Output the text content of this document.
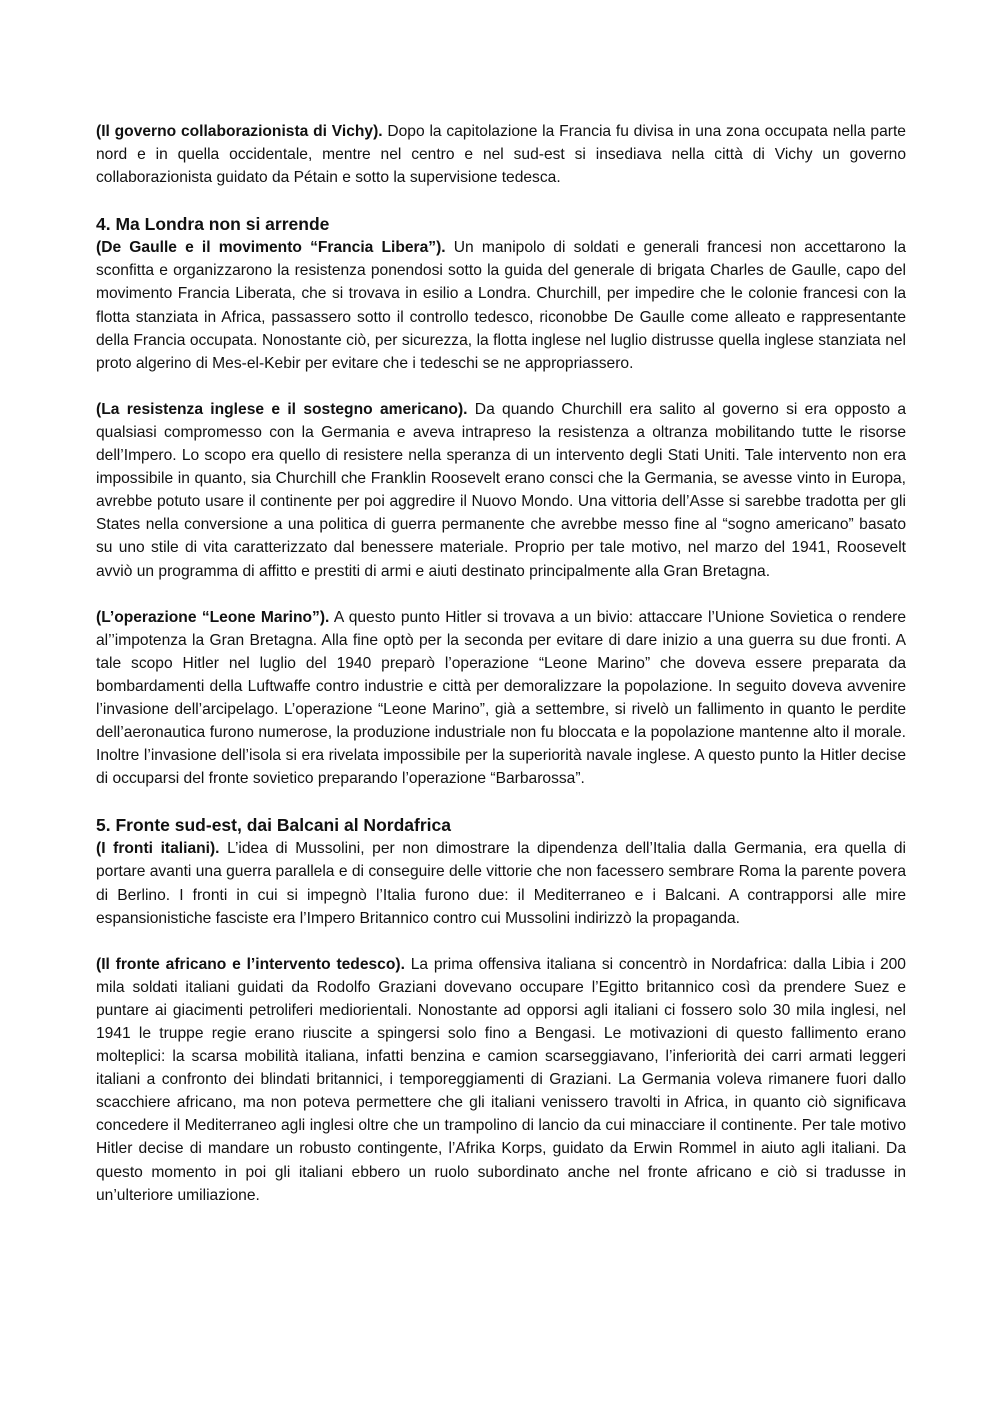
(Il governo collaborazionista di Vichy). Dopo la capitolazione la Francia fu divisa in una zona occupata nella parte nord e in quella occidentale, mentre nel centro e nel sud-est si insediava nella città di Vichy un governo collaborazionista guidato da Pétain e sotto la supervisione tedesca.

4. Ma Londra non si arrende

(De Gaulle e il movimento “Francia Libera”). Un manipolo di soldati e generali francesi non accettarono la sconfitta e organizzarono la resistenza ponendosi sotto la guida del generale di brigata Charles de Gaulle, capo del movimento Francia Liberata, che si trovava in esilio a Londra. Churchill, per impedire che le colonie francesi con la flotta stanziata in Africa, passassero sotto il controllo tedesco, riconobbe De Gaulle come alleato e rappresentante della Francia occupata. Nonostante ciò, per sicurezza, la flotta inglese nel luglio distrusse quella inglese stanziata nel proto algerino di Mes-el-Kebir per evitare che i tedeschi se ne appropriassero.

(La resistenza inglese e il sostegno americano). Da quando Churchill era salito al governo si era opposto a qualsiasi compromesso con la Germania e aveva intrapreso la resistenza a oltranza mobilitando tutte le risorse dell’Impero. Lo scopo era quello di resistere nella speranza di un intervento degli Stati Uniti. Tale intervento non era impossibile in quanto, sia Churchill che Franklin Roosevelt erano consci che la Germania, se avesse vinto in Europa, avrebbe potuto usare il continente per poi aggredire il Nuovo Mondo. Una vittoria dell’Asse si sarebbe tradotta per gli States nella conversione a una politica di guerra permanente che avrebbe messo fine al “sogno americano” basato su uno stile di vita caratterizzato dal benessere materiale. Proprio per tale motivo, nel marzo del 1941, Roosevelt avviò un programma di affitto e prestiti di armi e aiuti destinato principalmente alla Gran Bretagna.

(L’operazione “Leone Marino”). A questo punto Hitler si trovava a un bivio: attaccare l’Unione Sovietica o rendere al’’impotenza la Gran Bretagna. Alla fine optò per la seconda per evitare di dare inizio a una guerra su due fronti. A tale scopo Hitler nel luglio del 1940 preparò l’operazione “Leone Marino” che doveva essere preparata da bombardamenti della Luftwaffe contro industrie e città per demoralizzare la popolazione. In seguito doveva avvenire l’invasione dell’arcipelago. L’operazione “Leone Marino”, già a settembre, si rivelò un fallimento in quanto le perdite dell’aeronautica furono numerose, la produzione industriale non fu bloccata e la popolazione mantenne alto il morale. Inoltre l’invasione dell’isola si era rivelata impossibile per la superiorità navale inglese. A questo punto la Hitler decise di occuparsi del fronte sovietico preparando l’operazione “Barbarossa”.

5. Fronte sud-est, dai Balcani al Nordafrica

(I fronti italiani). L’idea di Mussolini, per non dimostrare la dipendenza dell’Italia dalla Germania, era quella di portare avanti una guerra parallela e di conseguire delle vittorie che non facessero sembrare Roma la parente povera di Berlino. I fronti in cui si impegnò l’Italia furono due: il Mediterraneo e i Balcani. A contrapporsi alle mire espansionistiche fasciste era l’Impero Britannico contro cui Mussolini indirizzò la propaganda.

(Il fronte africano e l’intervento tedesco). La prima offensiva italiana si concentrò in Nordafrica: dalla Libia i 200 mila soldati italiani guidati da Rodolfo Graziani dovevano occupare l’Egitto britannico così da prendere Suez e puntare ai giacimenti petroliferi mediorientali. Nonostante ad opporsi agli italiani ci fossero solo 30 mila inglesi, nel 1941 le truppe regie erano riuscite a spingersi solo fino a Bengasi. Le motivazioni di questo fallimento erano molteplici: la scarsa mobilità italiana, infatti benzina e camion scarseggiavano, l’inferiorità dei carri armati leggeri italiani a confronto dei blindati britannici, i temporeggiamenti di Graziani. La Germania voleva rimanere fuori dallo scacchiere africano, ma non poteva permettere che gli italiani venissero travolti in Africa, in quanto ciò significava concedere il Mediterraneo agli inglesi oltre che un trampolino di lancio da cui minacciare il continente. Per tale motivo Hitler decise di mandare un robusto contingente, l’Afrika Korps, guidato da Erwin Rommel in aiuto agli italiani. Da questo momento in poi gli italiani ebbero un ruolo subordinato anche nel fronte africano e ciò si tradusse in un’ulteriore umiliazione.
